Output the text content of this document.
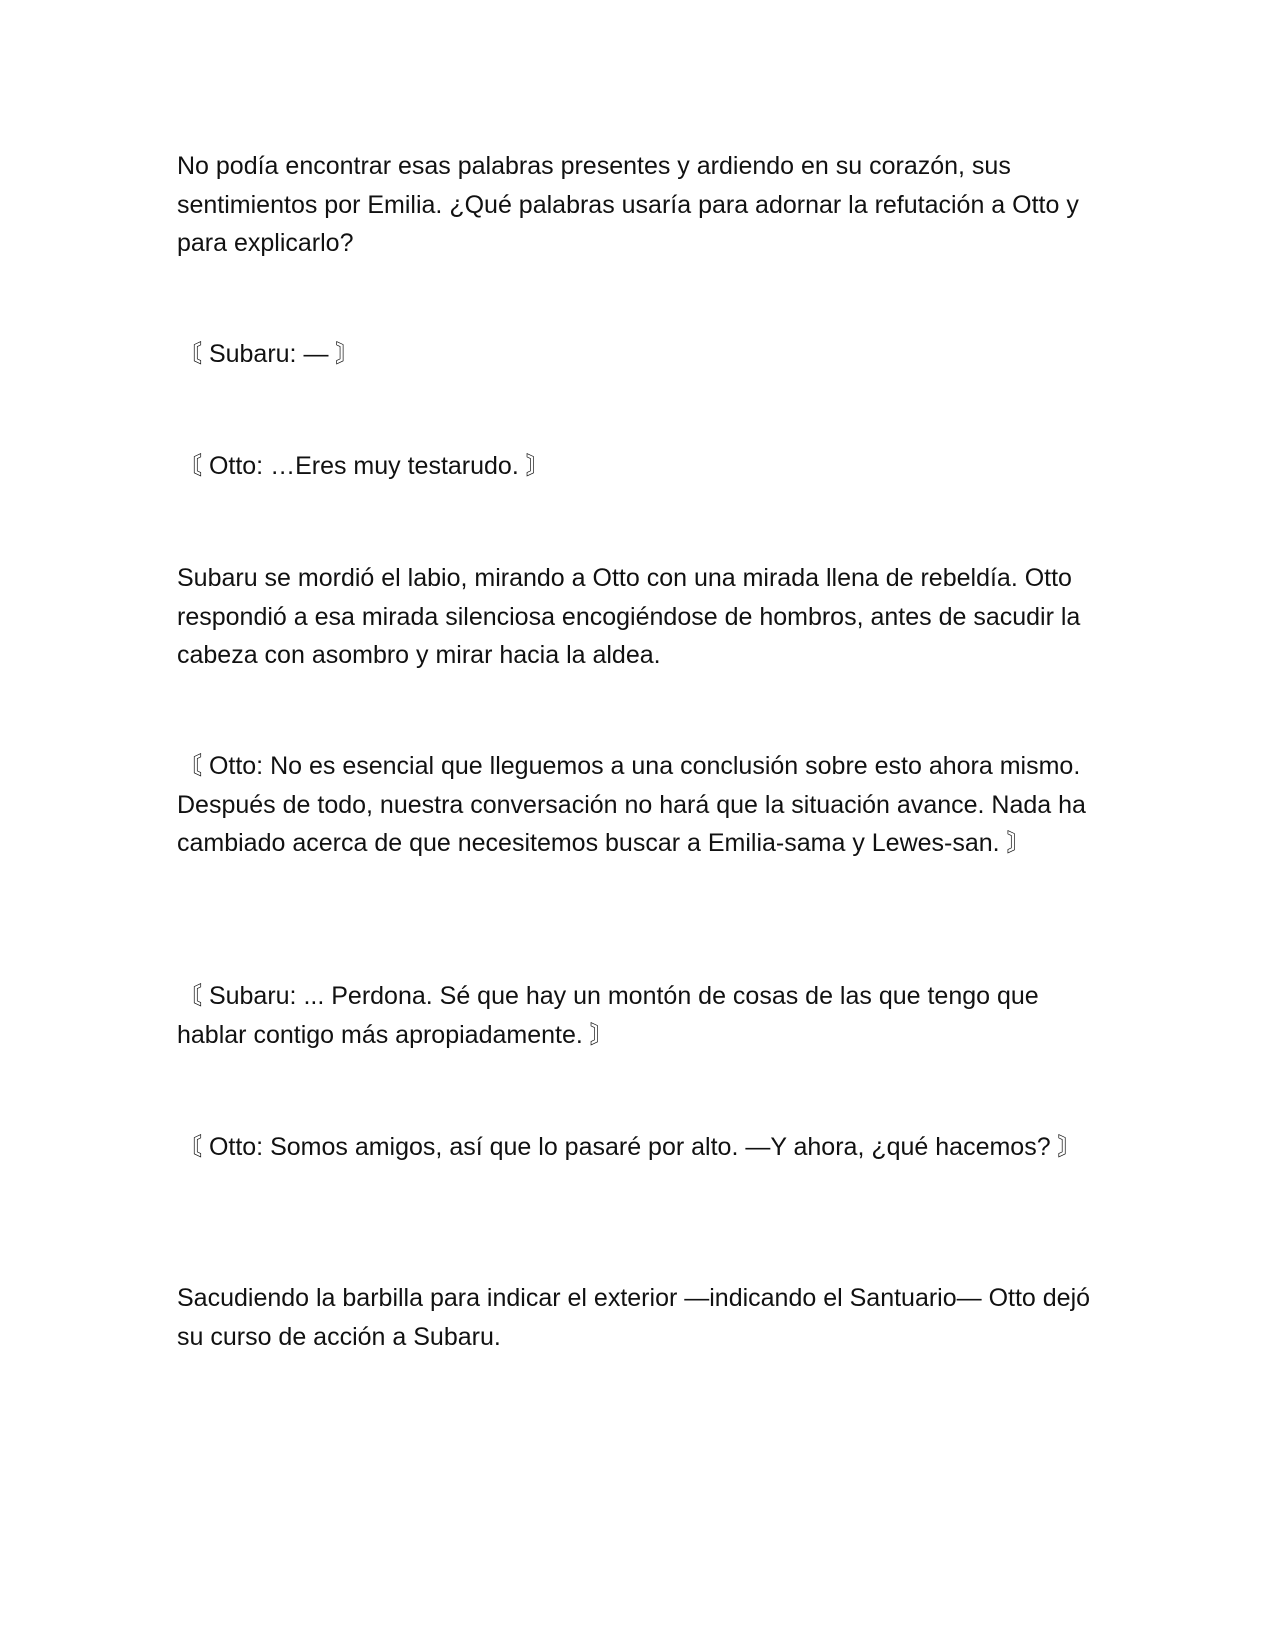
No podía encontrar esas palabras presentes y ardiendo en su corazón, sus sentimientos por Emilia. ¿Qué palabras usaría para adornar la refutación a Otto y para explicarlo?

〘 Subaru: — 〙

〘 Otto: …Eres muy testarudo. 〙

Subaru se mordió el labio, mirando a Otto con una mirada llena de rebeldía. Otto respondió a esa mirada silenciosa encogiéndose de hombros, antes de sacudir la cabeza con asombro y mirar hacia la aldea.

〘 Otto: No es esencial que lleguemos a una conclusión sobre esto ahora mismo. Después de todo, nuestra conversación no hará que la situación avance. Nada ha cambiado acerca de que necesitemos buscar a Emilia-sama y Lewes-san. 〙

〘 Subaru: ... Perdona. Sé que hay un montón de cosas de las que tengo que hablar contigo más apropiadamente. 〙

〘 Otto: Somos amigos, así que lo pasaré por alto. —Y ahora, ¿qué hacemos? 〙

Sacudiendo la barbilla para indicar el exterior —indicando el Santuario— Otto dejó su curso de acción a Subaru.
